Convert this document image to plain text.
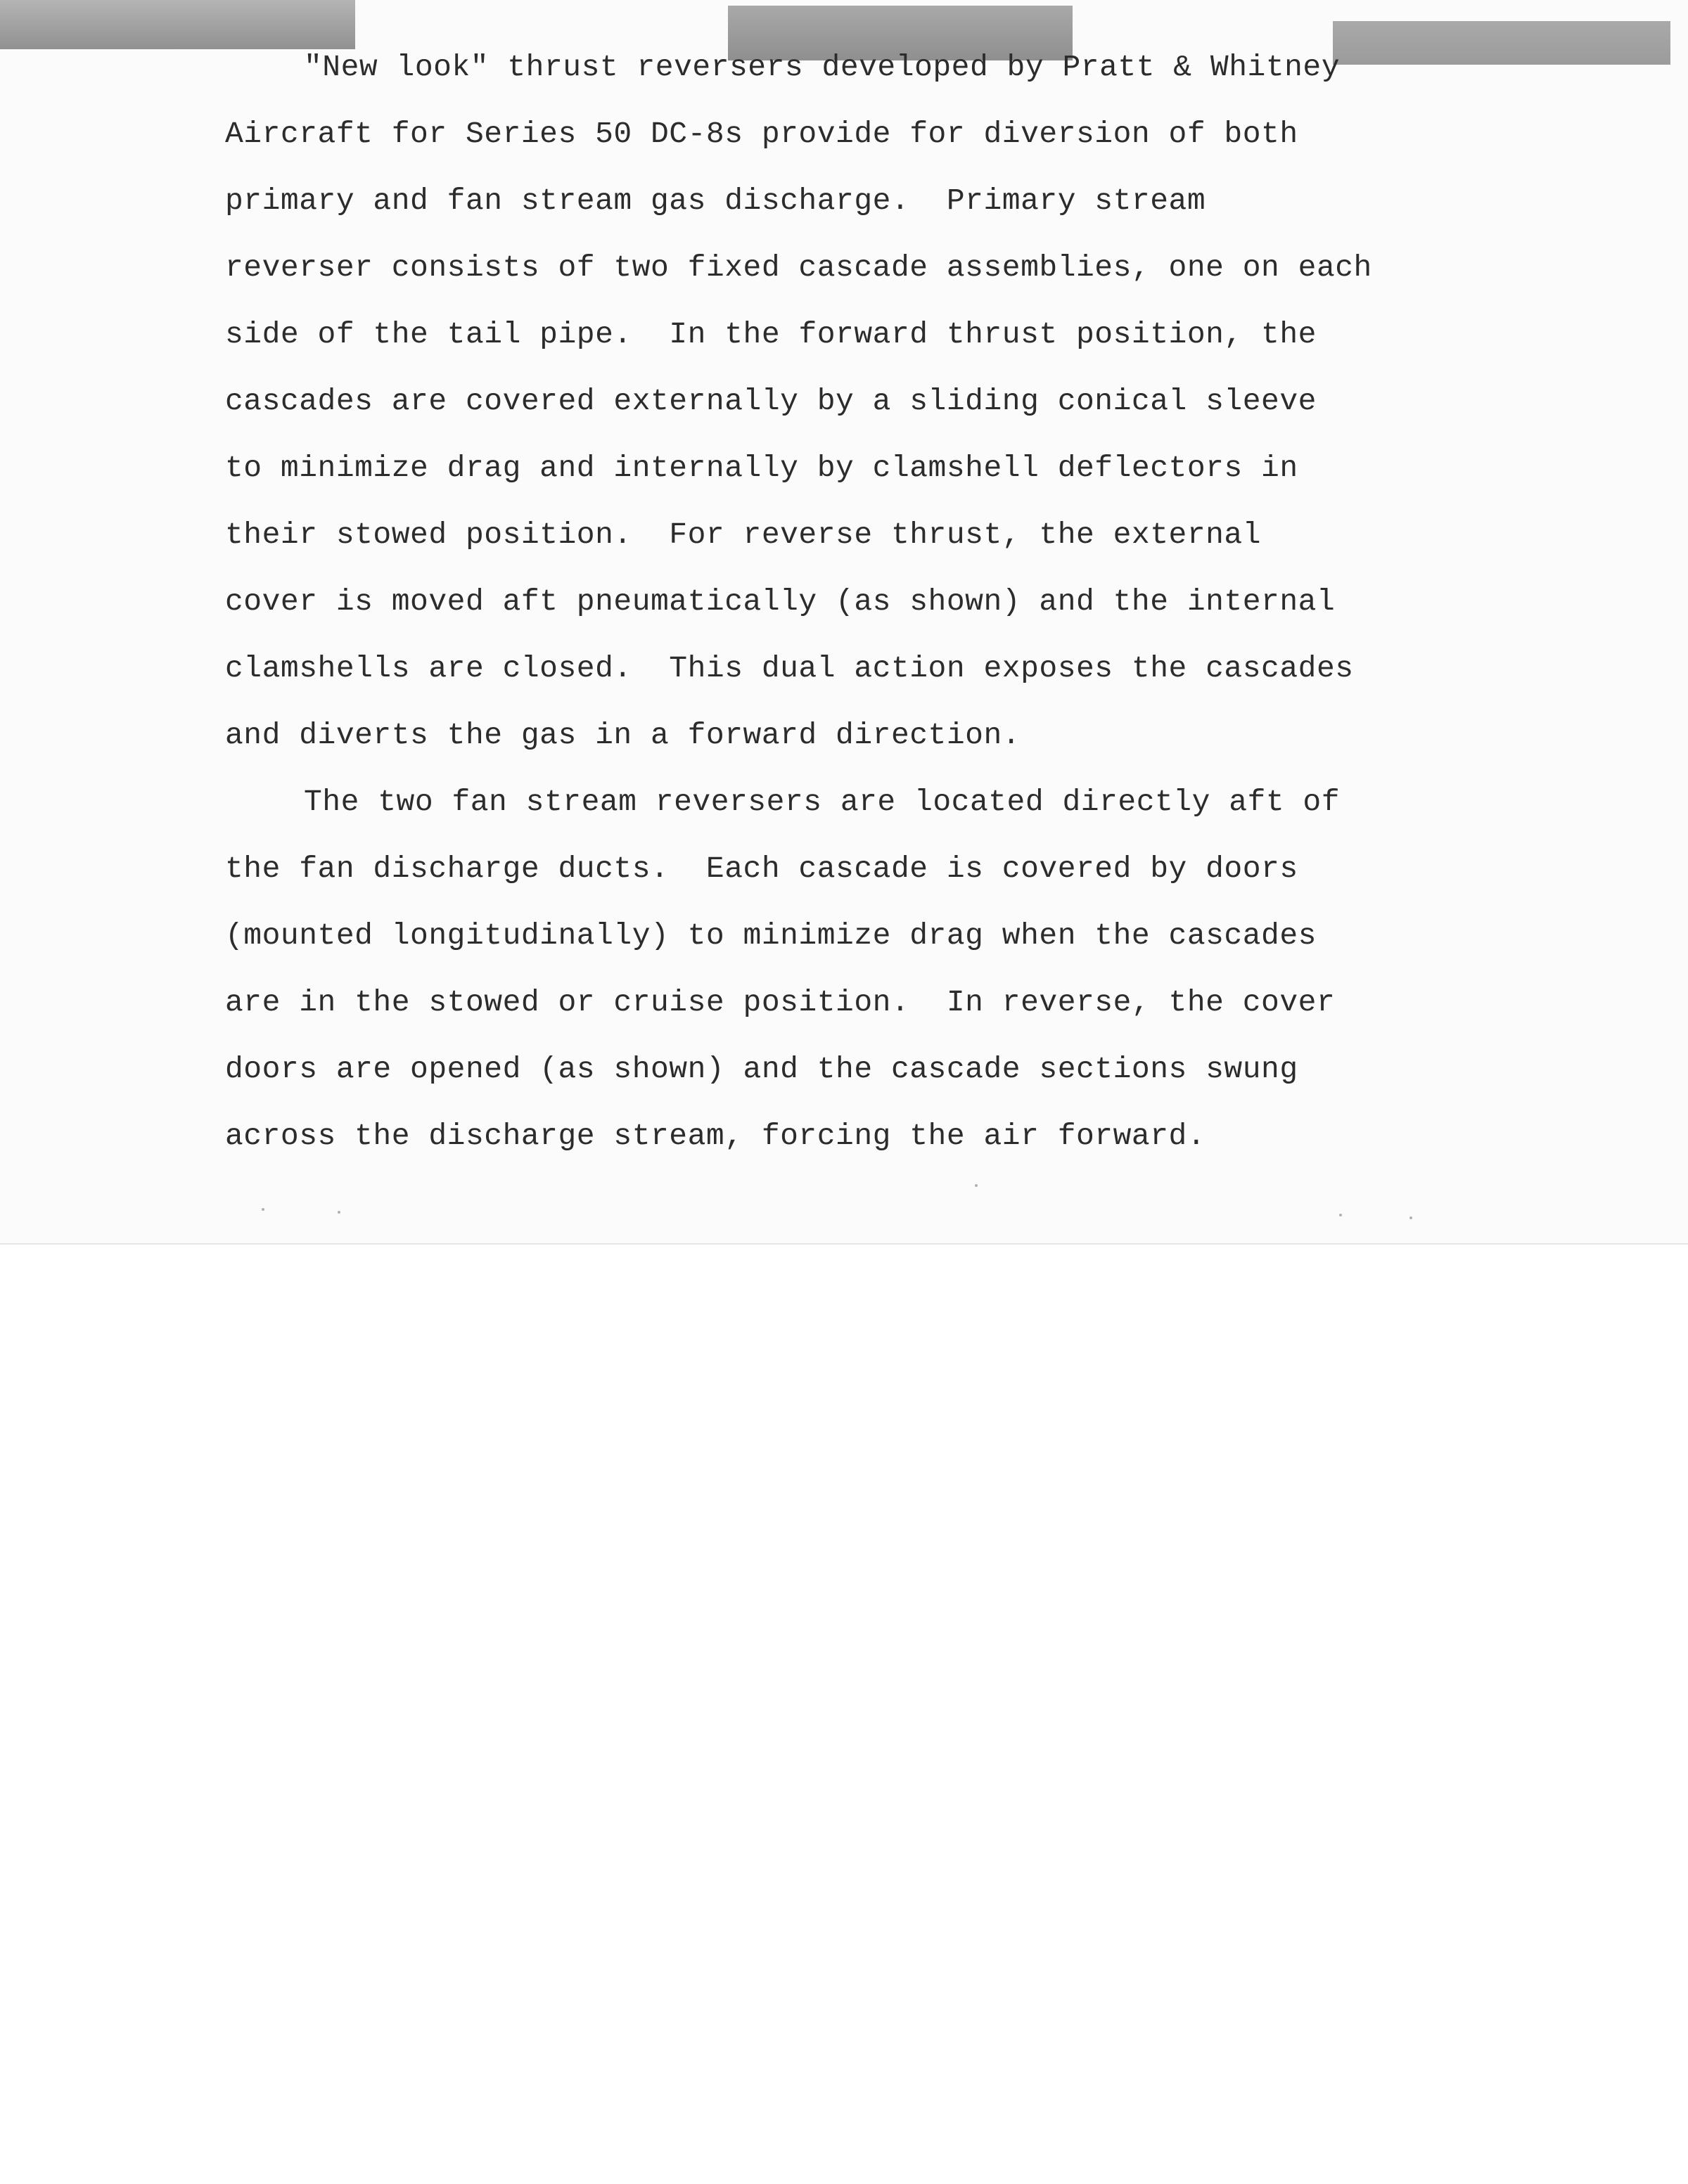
"New look" thrust reversers developed by Pratt & Whitney
Aircraft for Series 50 DC-8s provide for diversion of both
primary and fan stream gas discharge.  Primary stream
reverser consists of two fixed cascade assemblies, one on each
side of the tail pipe.  In the forward thrust position, the
cascades are covered externally by a sliding conical sleeve
to minimize drag and internally by clamshell deflectors in
their stowed position.  For reverse thrust, the external
cover is moved aft pneumatically (as shown) and the internal
clamshells are closed.  This dual action exposes the cascades
and diverts the gas in a forward direction.
The two fan stream reversers are located directly aft of
the fan discharge ducts.  Each cascade is covered by doors
(mounted longitudinally) to minimize drag when the cascades
are in the stowed or cruise position.  In reverse, the cover
doors are opened (as shown) and the cascade sections swung
across the discharge stream, forcing the air forward.
